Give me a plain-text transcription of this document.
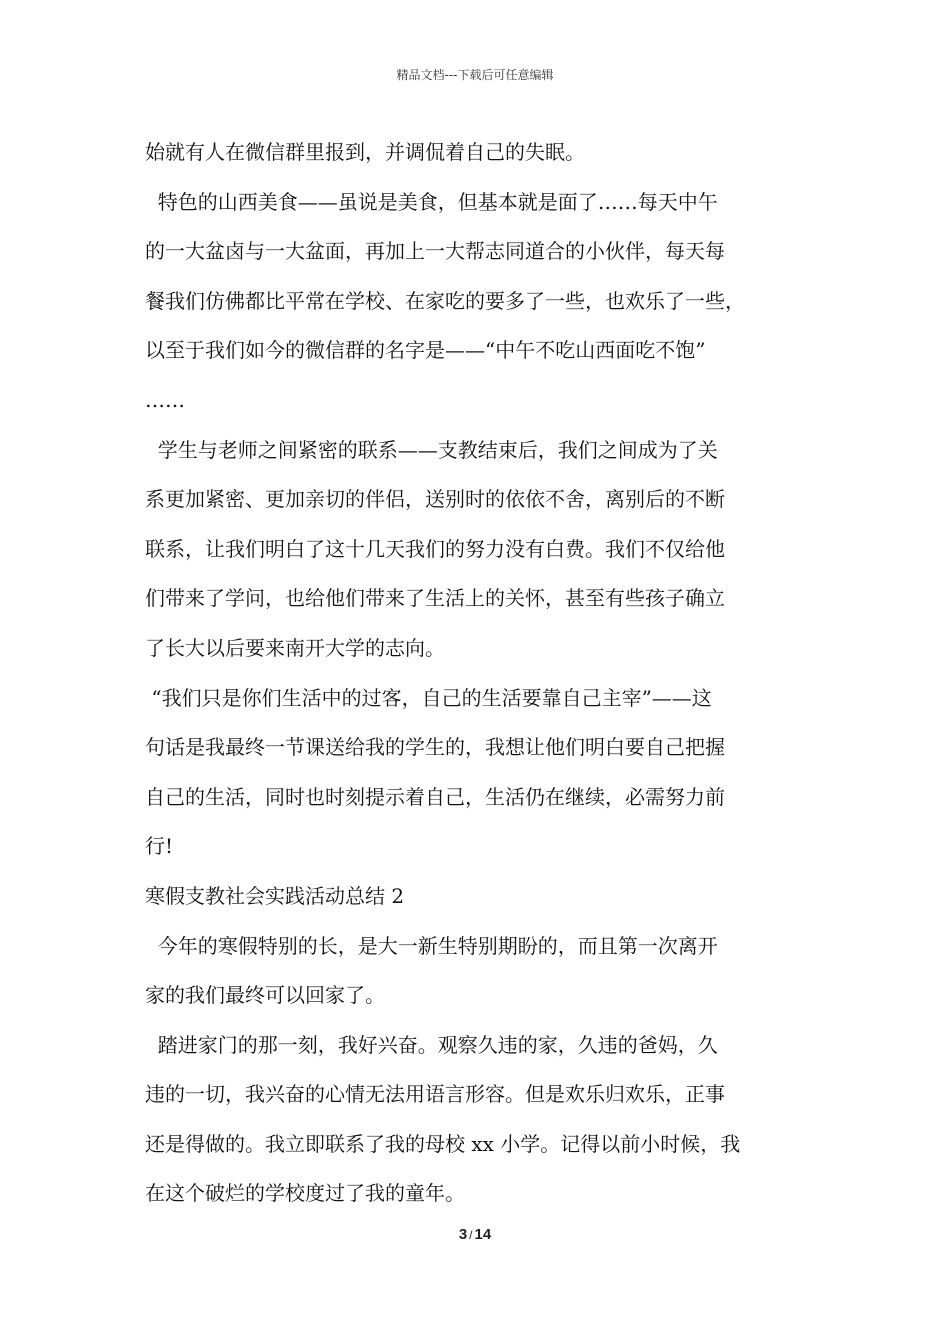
精品文档---下载后可任意编辑
始就有人在微信群里报到，并调侃着自己的失眠。
特色的山西美食——虽说是美食，但基本就是面了……每天中午
的一大盆卤与一大盆面，再加上一大帮志同道合的小伙伴，每天每
餐我们仿佛都比平常在学校、在家吃的要多了一些，也欢乐了一些，
以至于我们如今的微信群的名字是——“中午不吃山西面吃不饱”
……
学生与老师之间紧密的联系——支教结束后，我们之间成为了关
系更加紧密、更加亲切的伴侣，送别时的依依不舍，离别后的不断
联系，让我们明白了这十几天我们的努力没有白费。我们不仅给他
们带来了学问，也给他们带来了生活上的关怀，甚至有些孩子确立
了长大以后要来南开大学的志向。
“我们只是你们生活中的过客，自己的生活要靠自己主宰”——这
句话是我最终一节课送给我的学生的，我想让他们明白要自己把握
自己的生活，同时也时刻提示着自己，生活仍在继续，必需努力前
行!
寒假支教社会实践活动总结 2
今年的寒假特别的长，是大一新生特别期盼的，而且第一次离开
家的我们最终可以回家了。
踏进家门的那一刻，我好兴奋。观察久违的家，久违的爸妈，久
违的一切，我兴奋的心情无法用语言形容。但是欢乐归欢乐，正事
还是得做的。我立即联系了我的母校 xx 小学。记得以前小时候，我
在这个破烂的学校度过了我的童年。
3 / 14
